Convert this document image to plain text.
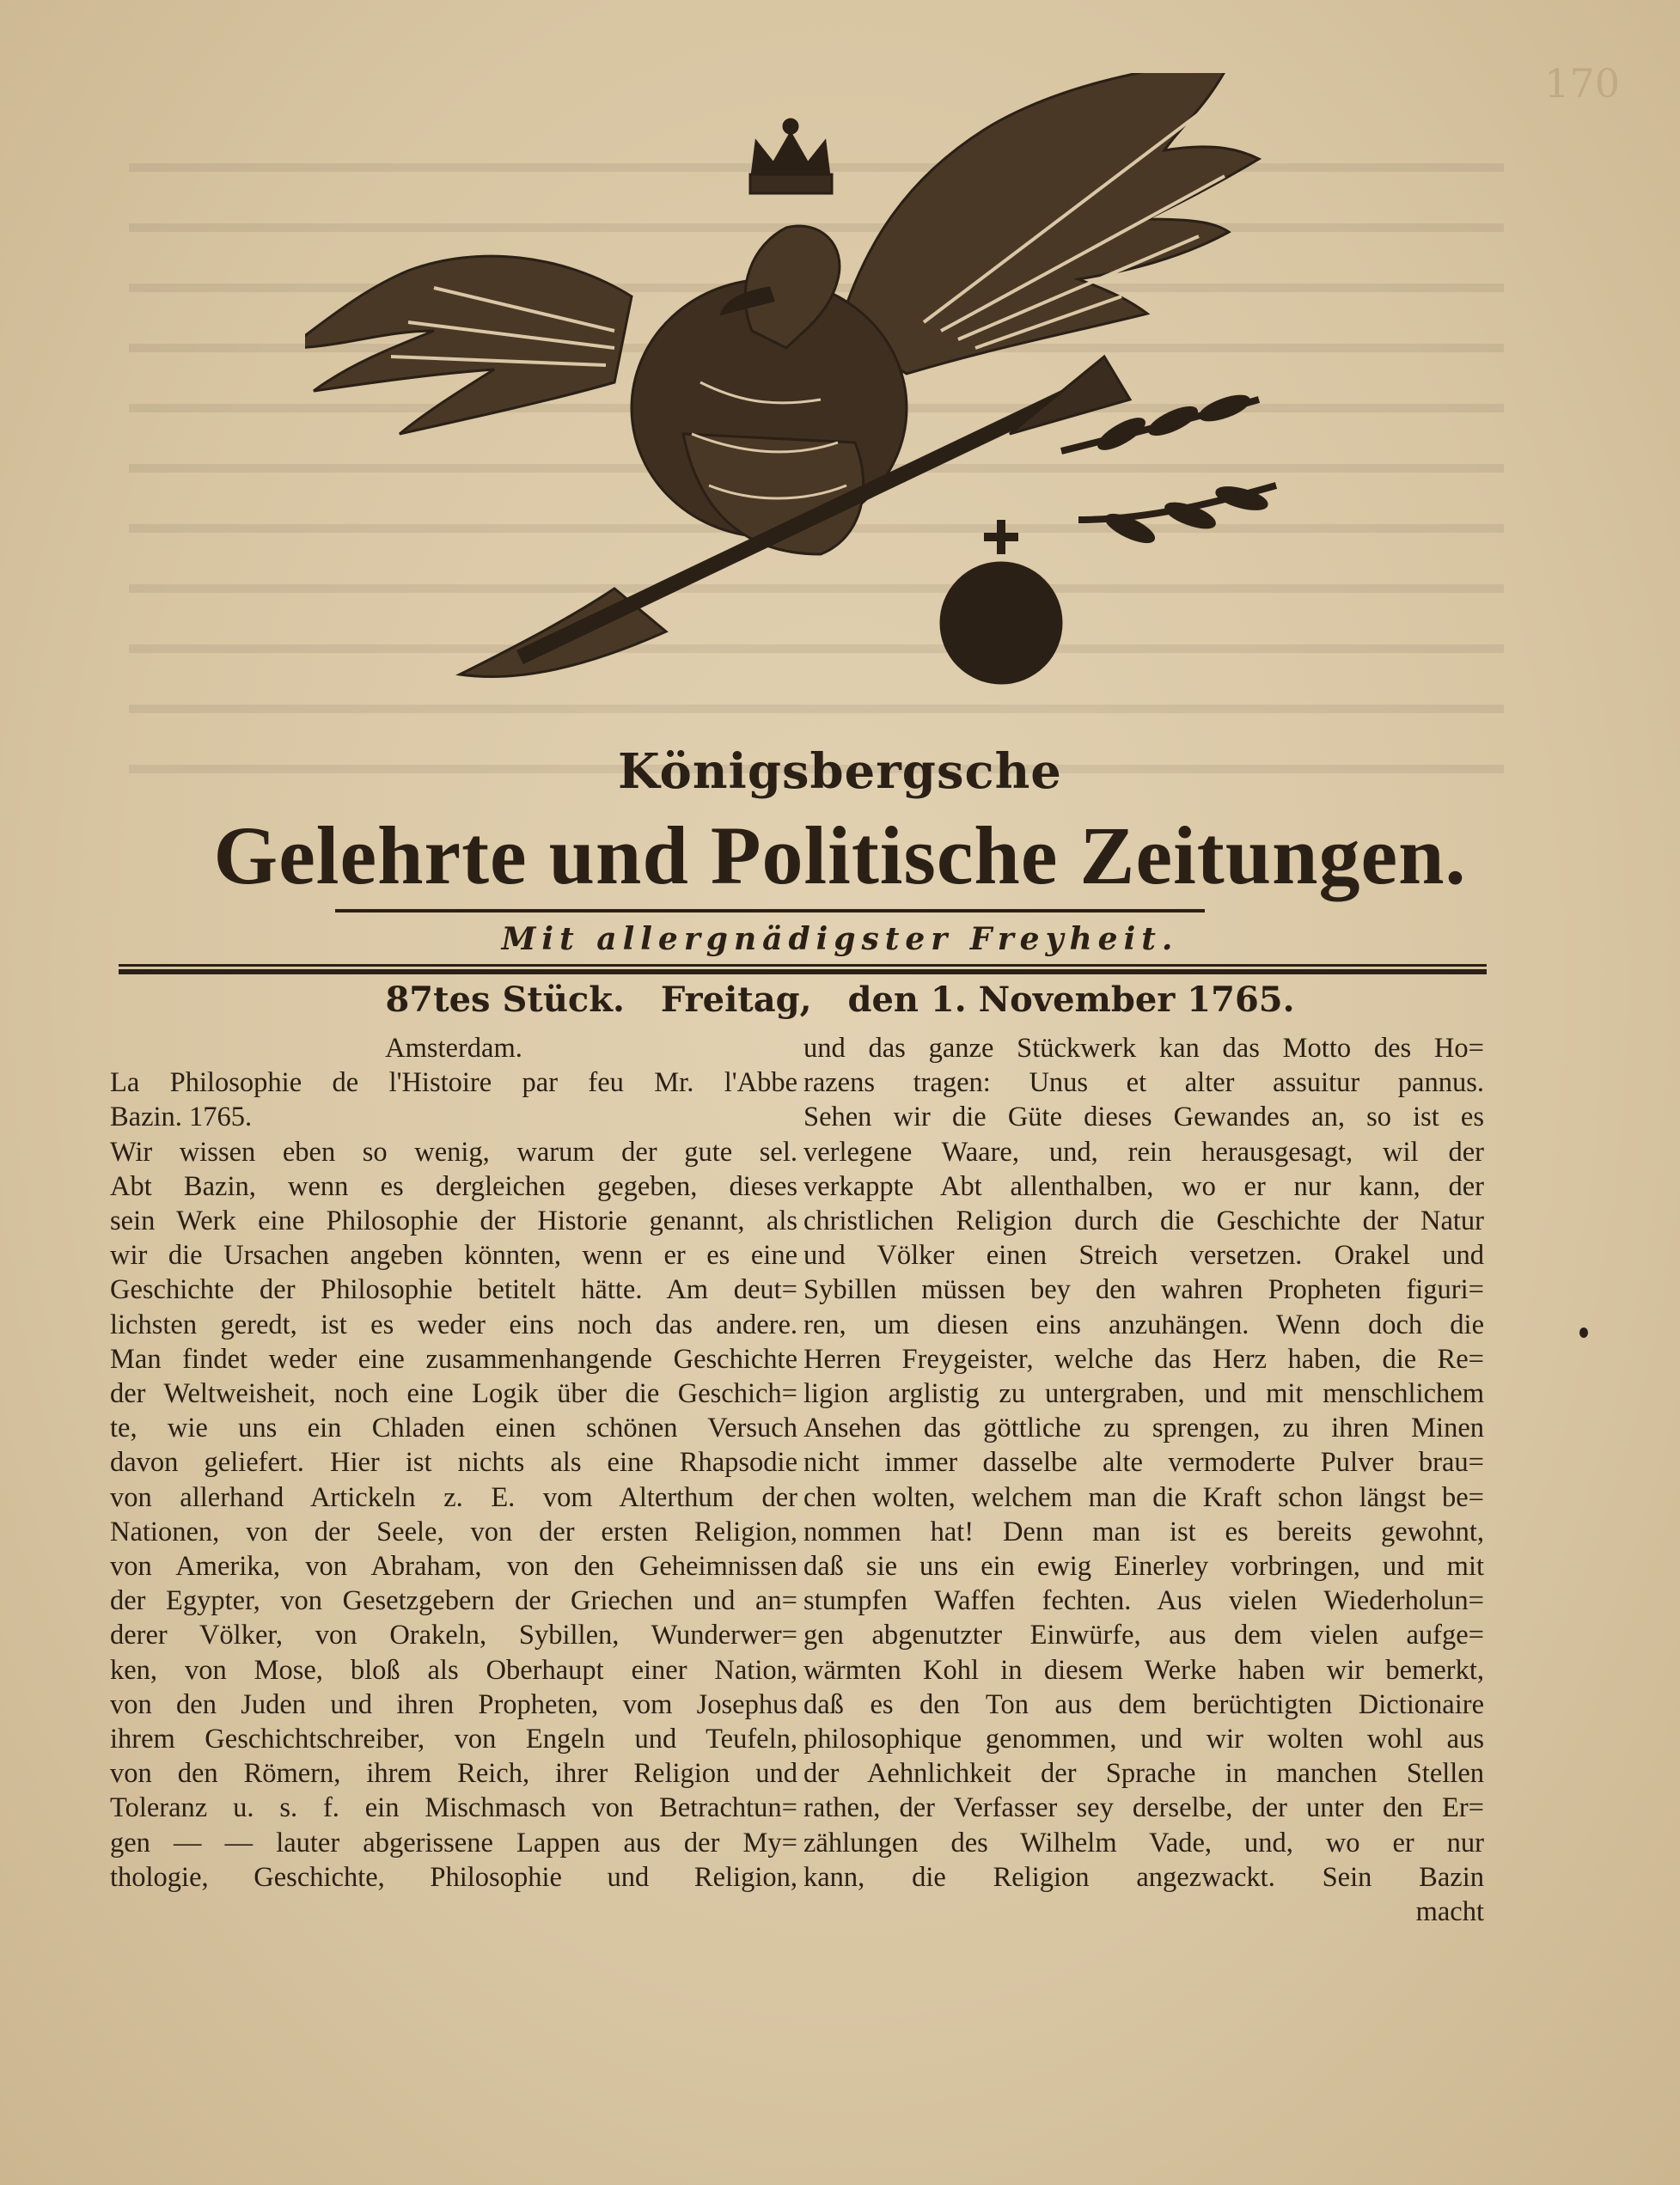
170
Königsbergsche
Gelehrte und Politische Zeitungen.
Mit allergnädigster Freyheit.
87tes Stück. Freitag, den 1. November 1765.
Amsterdam.
La Philosophie de l'Histoire par feu Mr. l'Abbe
Bazin. 1765.
Wir wissen eben so wenig, warum der gute sel.
Abt Bazin, wenn es dergleichen gegeben, dieses
sein Werk eine Philosophie der Historie genannt, als
wir die Ursachen angeben könnten, wenn er es eine
Geschichte der Philosophie betitelt hätte. Am deut=
lichsten geredt, ist es weder eins noch das andere.
Man findet weder eine zusammenhangende Geschichte
der Weltweisheit, noch eine Logik über die Geschich=
te, wie uns ein Chladen einen schönen Versuch
davon geliefert. Hier ist nichts als eine Rhapsodie
von allerhand Artickeln z. E. vom Alterthum der
Nationen, von der Seele, von der ersten Religion,
von Amerika, von Abraham, von den Geheimnissen
der Egypter, von Gesetzgebern der Griechen und an=
derer Völker, von Orakeln, Sybillen, Wunderwer=
ken, von Mose, bloß als Oberhaupt einer Nation,
von den Juden und ihren Propheten, vom Josephus
ihrem Geschichtschreiber, von Engeln und Teufeln,
von den Römern, ihrem Reich, ihrer Religion und
Toleranz u. s. f. ein Mischmasch von Betrachtun=
gen — — lauter abgerissene Lappen aus der My=
thologie, Geschichte, Philosophie und Religion,
und das ganze Stückwerk kan das Motto des Ho=
razens tragen: Unus et alter assuitur pannus.
Sehen wir die Güte dieses Gewandes an, so ist es
verlegene Waare, und, rein herausgesagt, wil der
verkappte Abt allenthalben, wo er nur kann, der
christlichen Religion durch die Geschichte der Natur
und Völker einen Streich versetzen. Orakel und
Sybillen müssen bey den wahren Propheten figuri=
ren, um diesen eins anzuhängen. Wenn doch die
Herren Freygeister, welche das Herz haben, die Re=
ligion arglistig zu untergraben, und mit menschlichem
Ansehen das göttliche zu sprengen, zu ihren Minen
nicht immer dasselbe alte vermoderte Pulver brau=
chen wolten, welchem man die Kraft schon längst be=
nommen hat! Denn man ist es bereits gewohnt,
daß sie uns ein ewig Einerley vorbringen, und mit
stumpfen Waffen fechten. Aus vielen Wiederholun=
gen abgenutzter Einwürfe, aus dem vielen aufge=
wärmten Kohl in diesem Werke haben wir bemerkt,
daß es den Ton aus dem berüchtigten Dictionaire
philosophique genommen, und wir wolten wohl aus
der Aehnlichkeit der Sprache in manchen Stellen
rathen, der Verfasser sey derselbe, der unter den Er=
zählungen des Wilhelm Vade, und, wo er nur
kann, die Religion angezwackt. Sein Bazin
macht
